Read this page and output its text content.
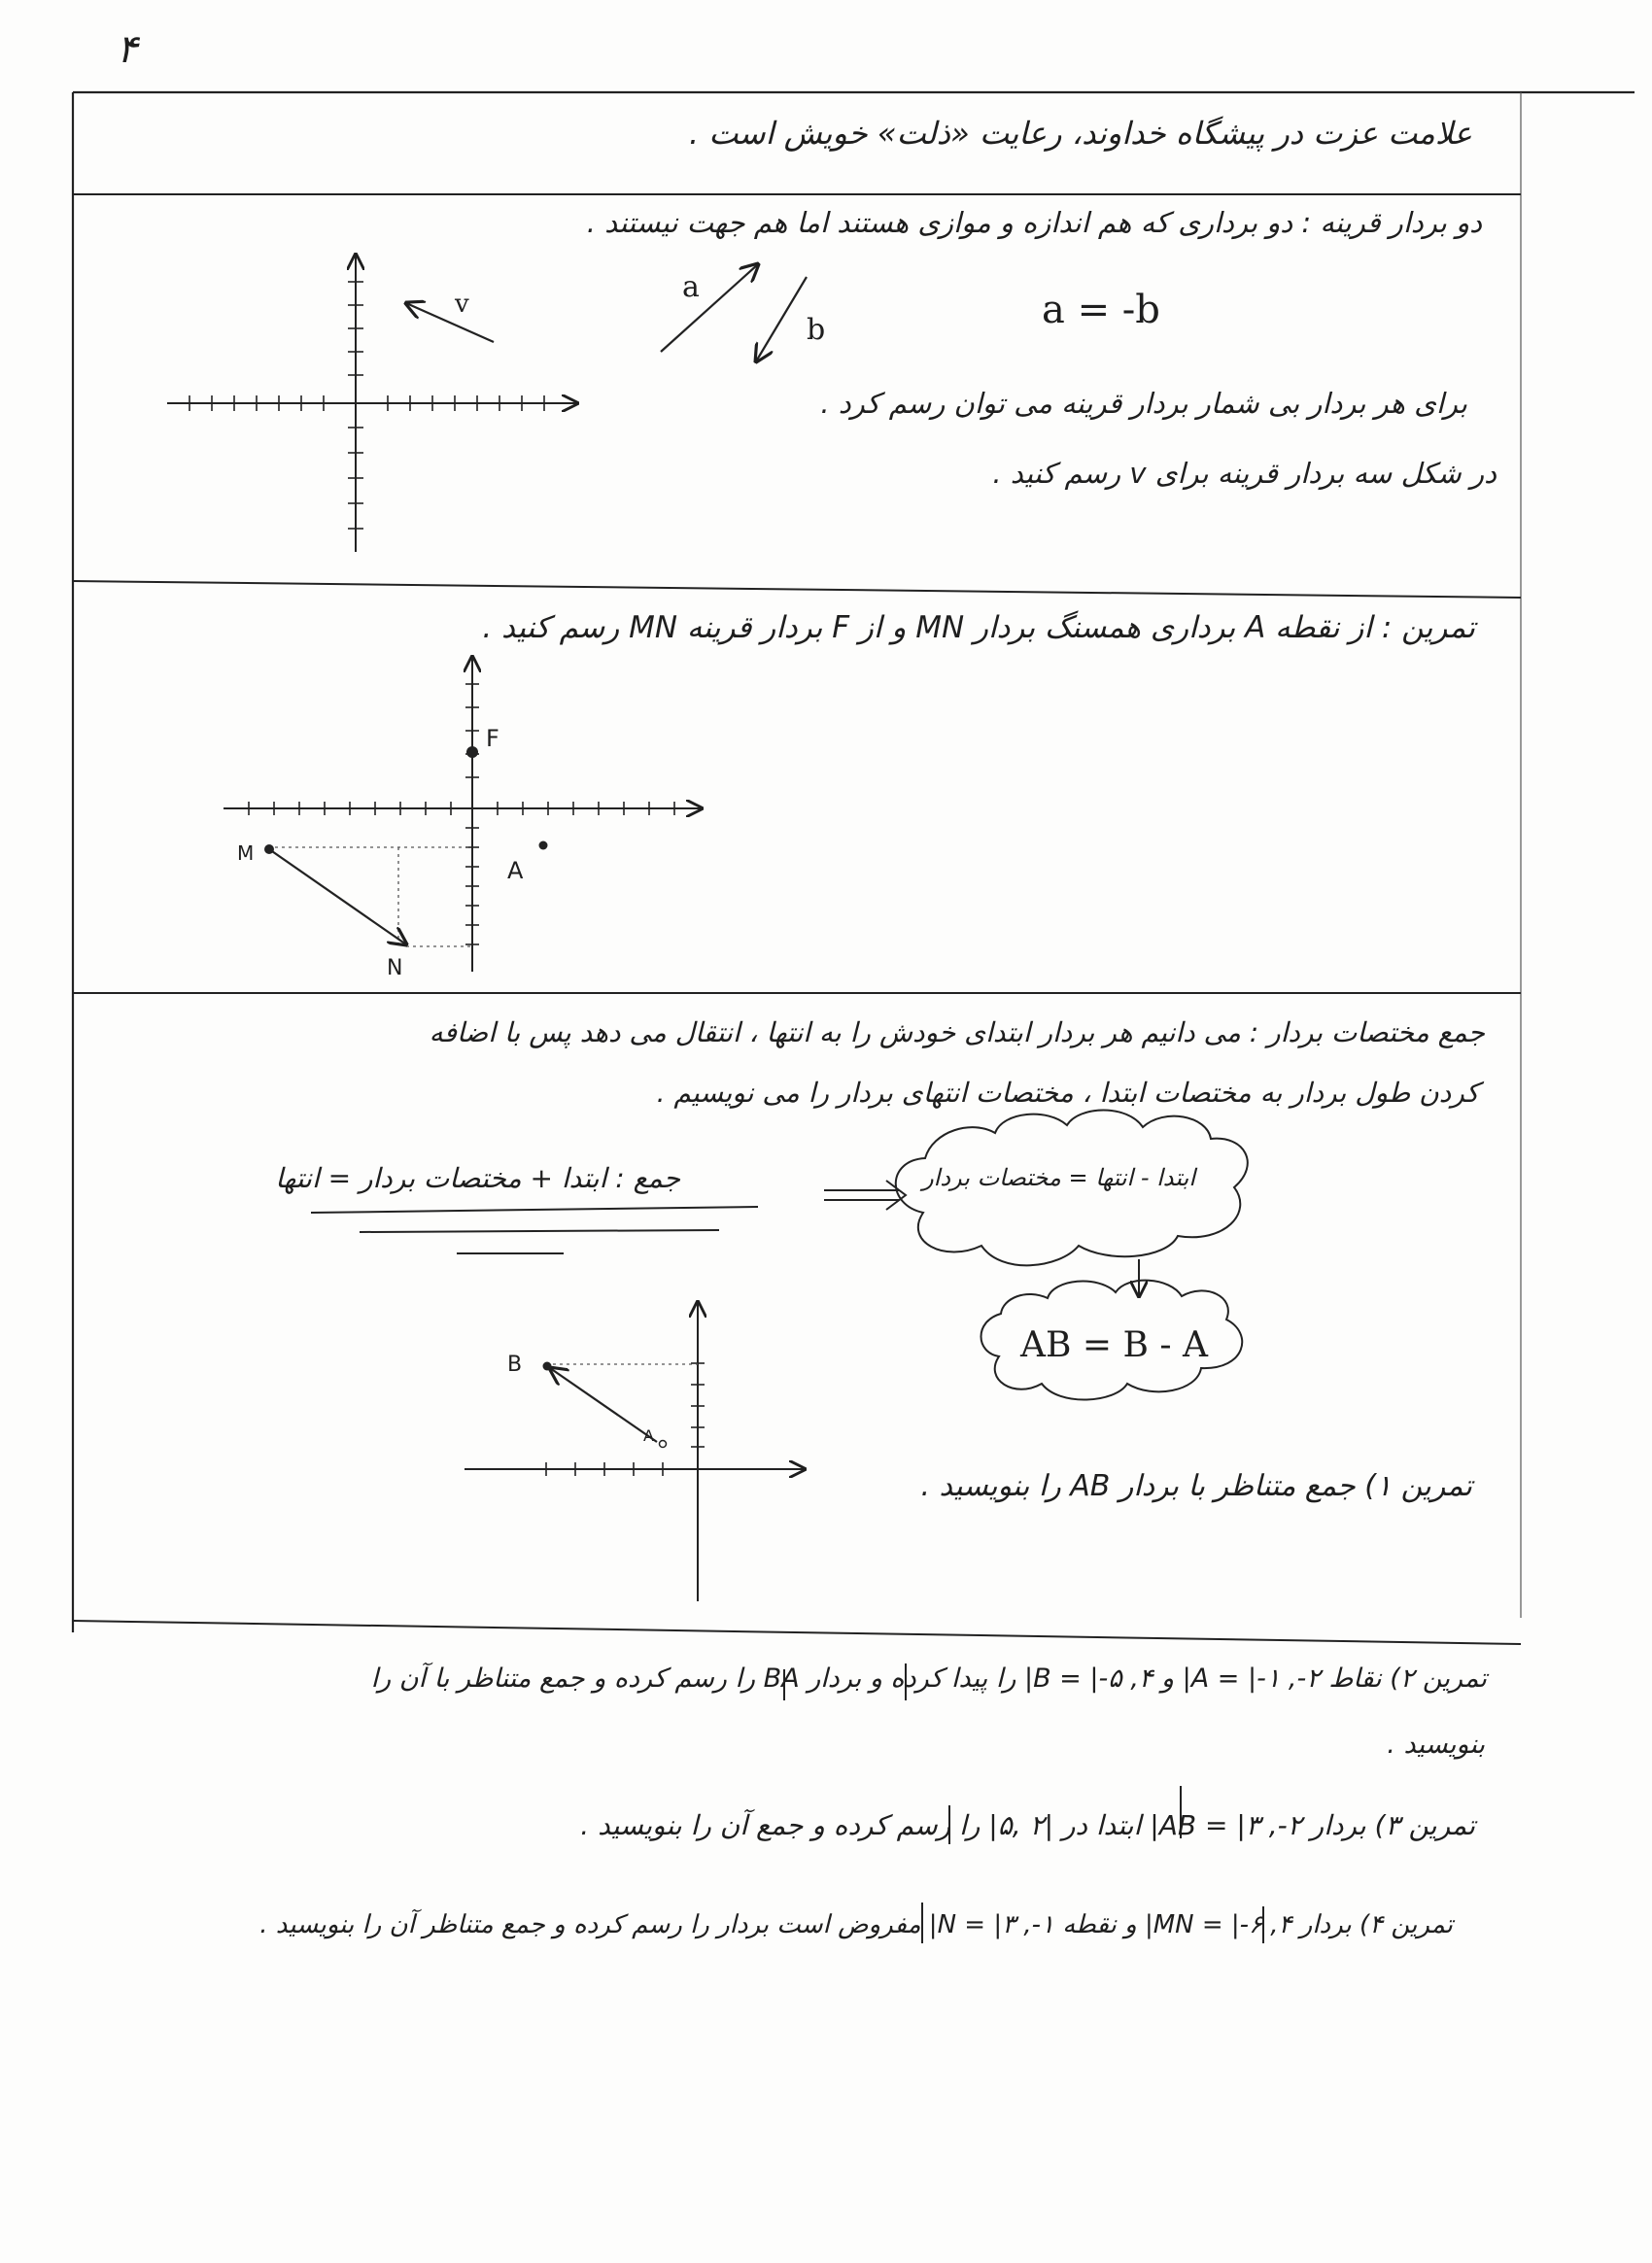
۴
علامت عزت در پیشگاه خداوند، رعایت «ذلت» خویش است .
دو بردار قرینه : دو برداری که هم اندازه و موازی هستند اما هم جهت نیستند .
a
b	a = -b
v
برای هر بردار بی شمار بردار قرینه می توان رسم کرد .
در شکل سه بردار قرینه برای v رسم کنید .
تمرین : از نقطه A برداری همسنگ بردار MN و از F بردار قرینه MN رسم کنید .
F
A
M
N
جمع مختصات بردار : می دانیم هر بردار ابتدای خودش را به انتها ، انتقال می دهد پس با اضافه
کردن طول بردار به مختصات ابتدا ، مختصات انتهای بردار را می نویسیم .
جمع : ابتدا + مختصات بردار = انتها	ابتدا - انتها = مختصات بردار
AB = B - A
B
A
تمرین ۱) جمع متناظر با بردار AB را بنویسید .
تمرین ۲) نقاط A = |-۱ ,-۲| و B = |-۵ ,۴| را پیدا کرده و بردار BA را رسم کرده و جمع متناظر با آن را
بنویسید .
تمرین ۳) بردار AB = |۳ ,-۲| ابتدا در |۲ ,۵| را رسم کرده و جمع آن را بنویسید .
تمرین ۴) بردار MN = |-۶ ,۴| و نقطه N = |۳ ,-۱| مفروض است بردار را رسم کرده و جمع متناظر آن را بنویسید .
